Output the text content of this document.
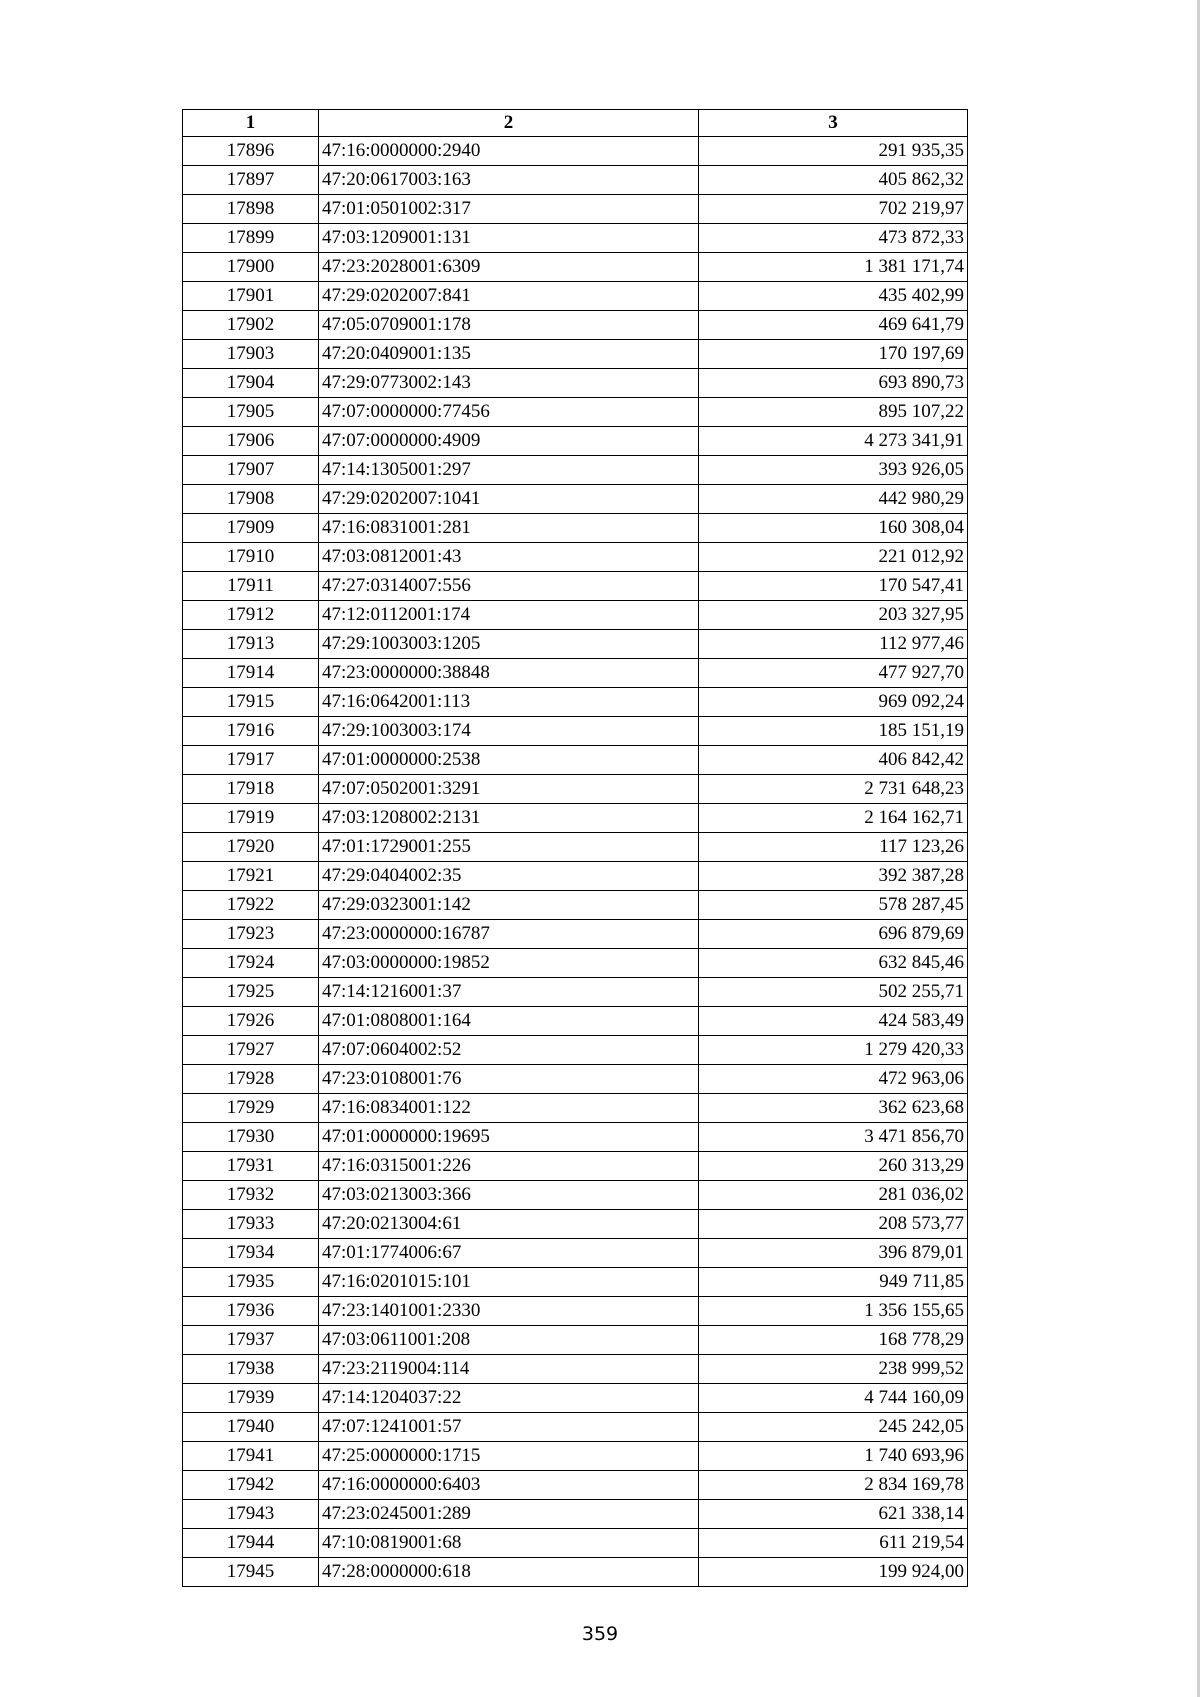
1	2	3
17896	47:16:0000000:2940	291 935,35
17897	47:20:0617003:163	405 862,32
17898	47:01:0501002:317	702 219,97
17899	47:03:1209001:131	473 872,33
17900	47:23:2028001:6309	1 381 171,74
17901	47:29:0202007:841	435 402,99
17902	47:05:0709001:178	469 641,79
17903	47:20:0409001:135	170 197,69
17904	47:29:0773002:143	693 890,73
17905	47:07:0000000:77456	895 107,22
17906	47:07:0000000:4909	4 273 341,91
17907	47:14:1305001:297	393 926,05
17908	47:29:0202007:1041	442 980,29
17909	47:16:0831001:281	160 308,04
17910	47:03:0812001:43	221 012,92
17911	47:27:0314007:556	170 547,41
17912	47:12:0112001:174	203 327,95
17913	47:29:1003003:1205	112 977,46
17914	47:23:0000000:38848	477 927,70
17915	47:16:0642001:113	969 092,24
17916	47:29:1003003:174	185 151,19
17917	47:01:0000000:2538	406 842,42
17918	47:07:0502001:3291	2 731 648,23
17919	47:03:1208002:2131	2 164 162,71
17920	47:01:1729001:255	117 123,26
17921	47:29:0404002:35	392 387,28
17922	47:29:0323001:142	578 287,45
17923	47:23:0000000:16787	696 879,69
17924	47:03:0000000:19852	632 845,46
17925	47:14:1216001:37	502 255,71
17926	47:01:0808001:164	424 583,49
17927	47:07:0604002:52	1 279 420,33
17928	47:23:0108001:76	472 963,06
17929	47:16:0834001:122	362 623,68
17930	47:01:0000000:19695	3 471 856,70
17931	47:16:0315001:226	260 313,29
17932	47:03:0213003:366	281 036,02
17933	47:20:0213004:61	208 573,77
17934	47:01:1774006:67	396 879,01
17935	47:16:0201015:101	949 711,85
17936	47:23:1401001:2330	1 356 155,65
17937	47:03:0611001:208	168 778,29
17938	47:23:2119004:114	238 999,52
17939	47:14:1204037:22	4 744 160,09
17940	47:07:1241001:57	245 242,05
17941	47:25:0000000:1715	1 740 693,96
17942	47:16:0000000:6403	2 834 169,78
17943	47:23:0245001:289	621 338,14
17944	47:10:0819001:68	611 219,54
17945	47:28:0000000:618	199 924,00
359
